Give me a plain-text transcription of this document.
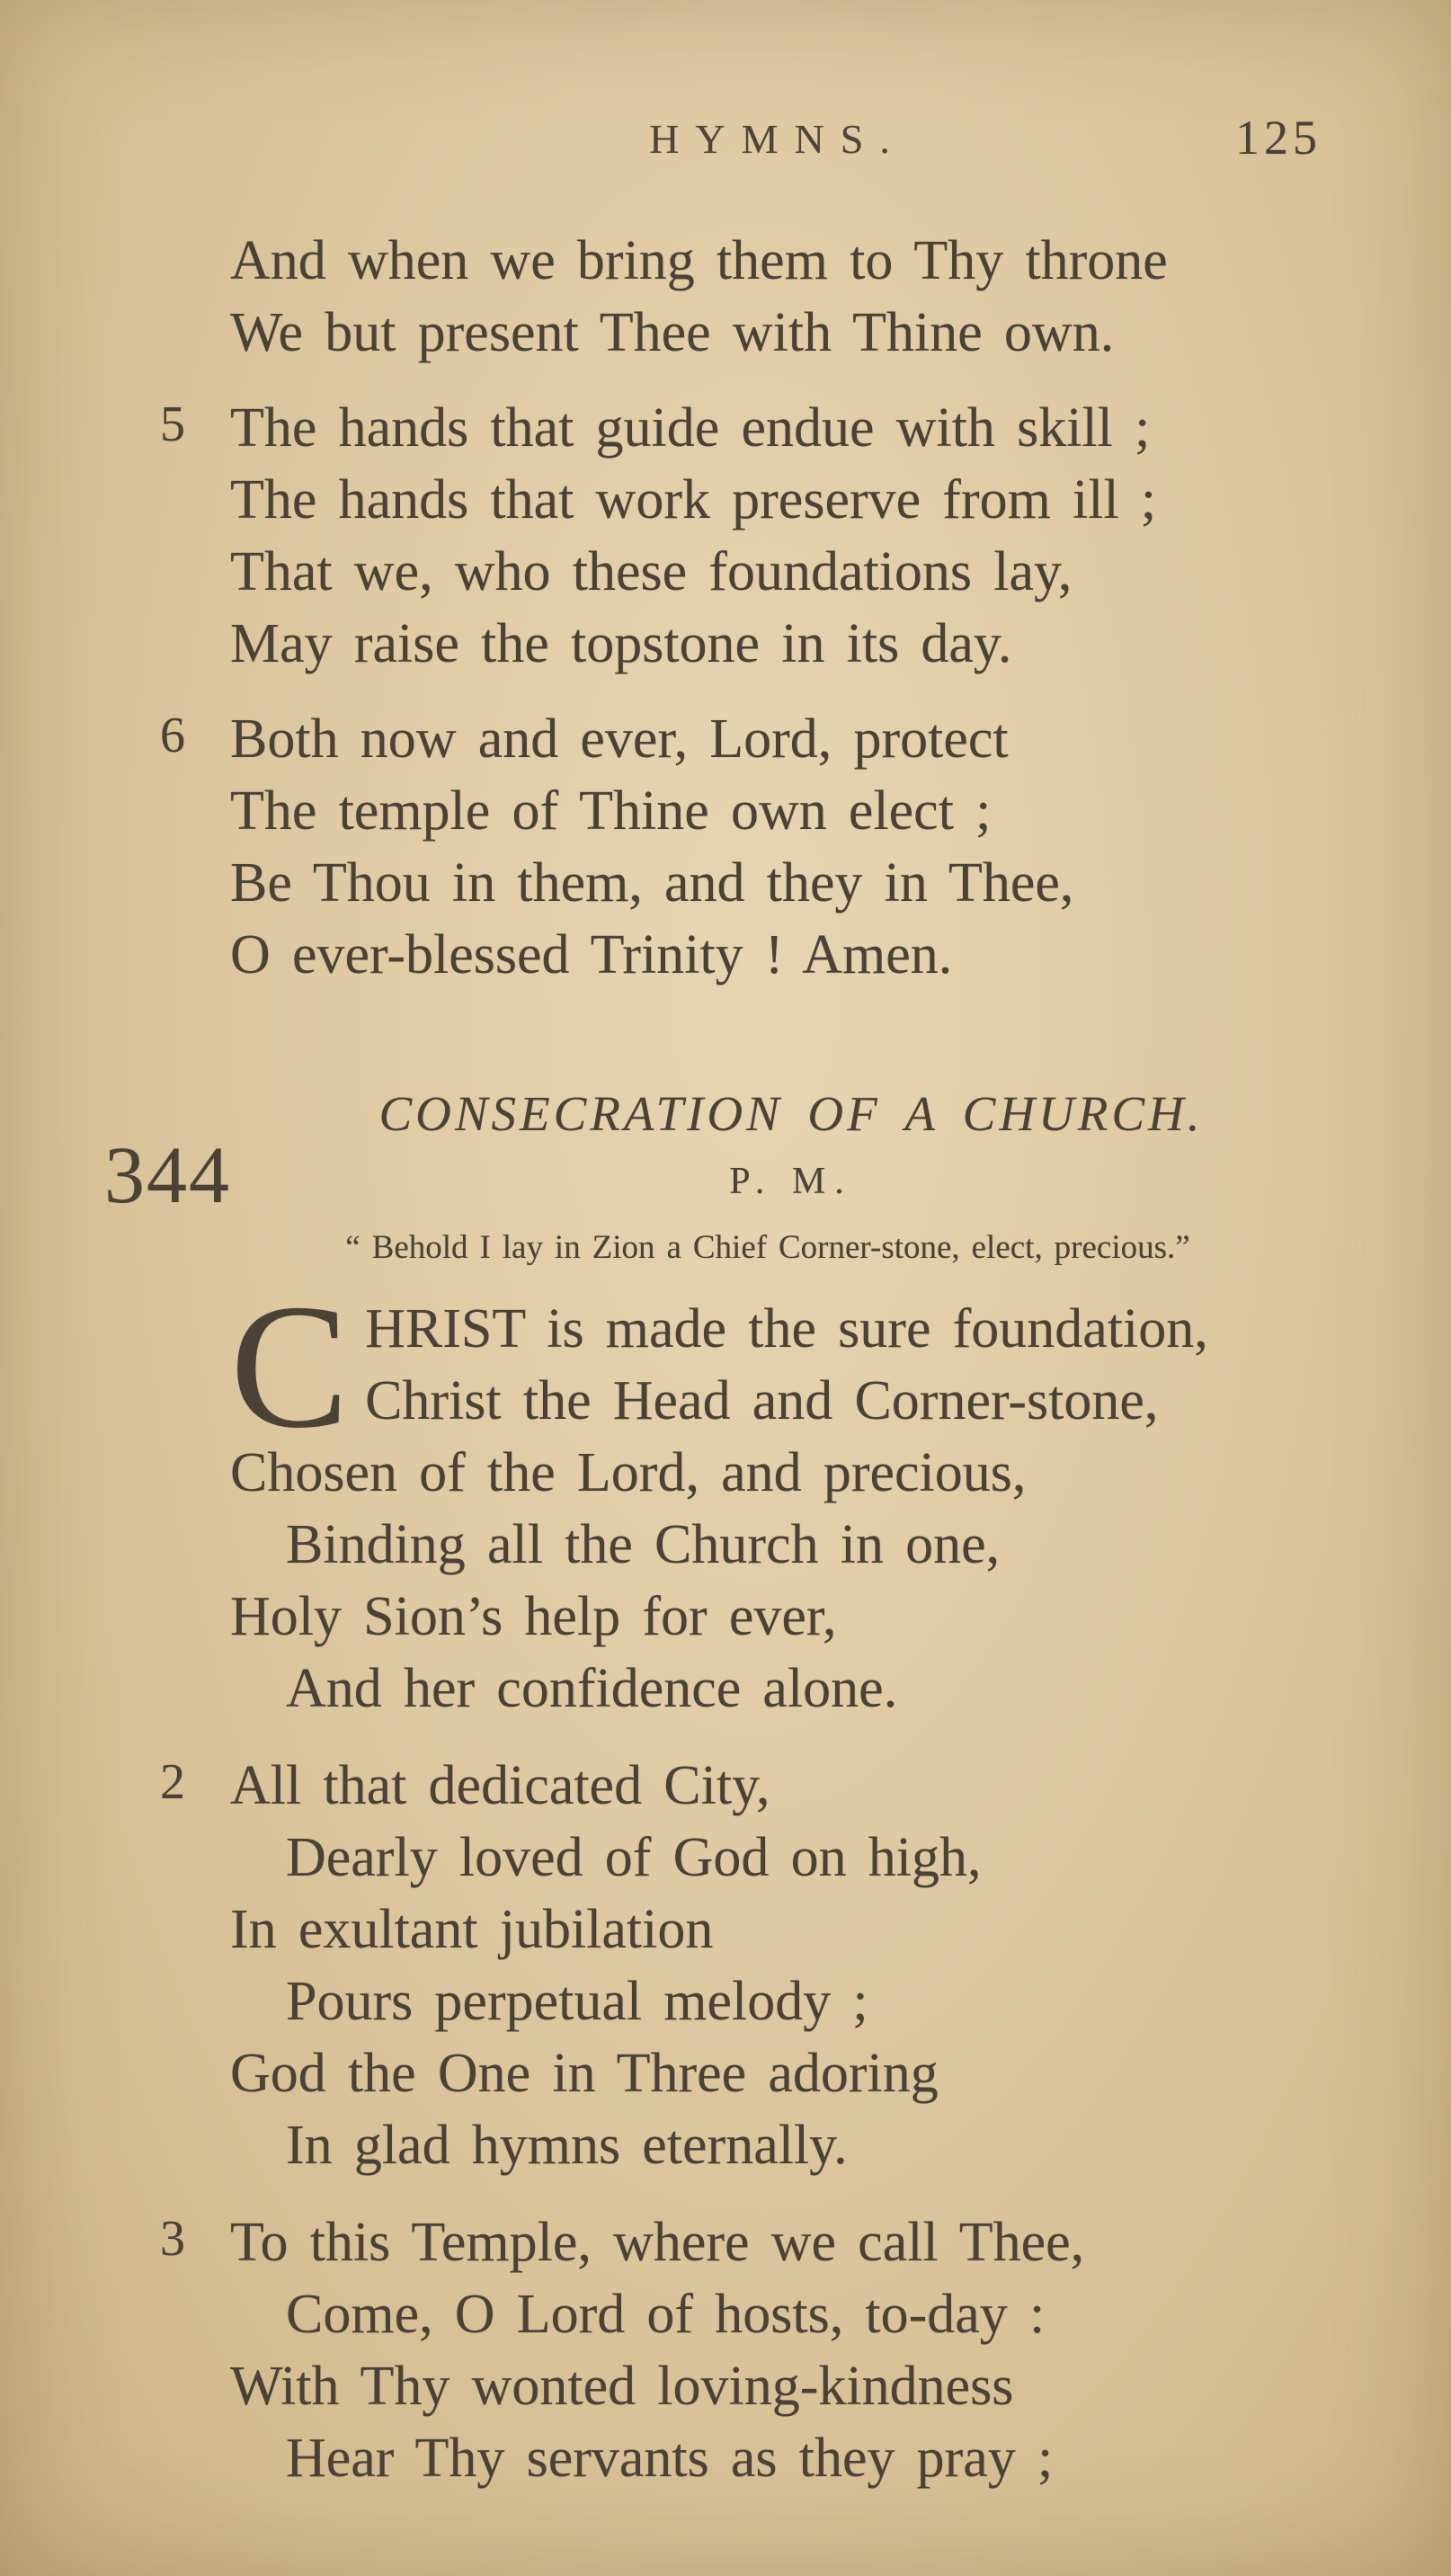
HYMNS.	125
And when we bring them to Thy throne
We but present Thee with Thine own.
5 The hands that guide endue with skill ;
The hands that work preserve from ill ;
That we, who these foundations lay,
May raise the topstone in its day.
6 Both now and ever, Lord, protect
The temple of Thine own elect ;
Be Thou in them, and they in Thee,
O ever-blessed Trinity ! Amen.
CONSECRATION OF A CHURCH.
344	P. M.
“ Behold I lay in Zion a Chief Corner-stone, elect, precious.”
C HRIST is made the sure foundation,
Christ the Head and Corner-stone,
Chosen of the Lord, and precious,
Binding all the Church in one,
Holy Sion’s help for ever,
And her confidence alone.
2 All that dedicated City,
Dearly loved of God on high,
In exultant jubilation
Pours perpetual melody ;
God the One in Three adoring
In glad hymns eternally.
3 To this Temple, where we call Thee,
Come, O Lord of hosts, to-day :
With Thy wonted loving-kindness
Hear Thy servants as they pray ;
